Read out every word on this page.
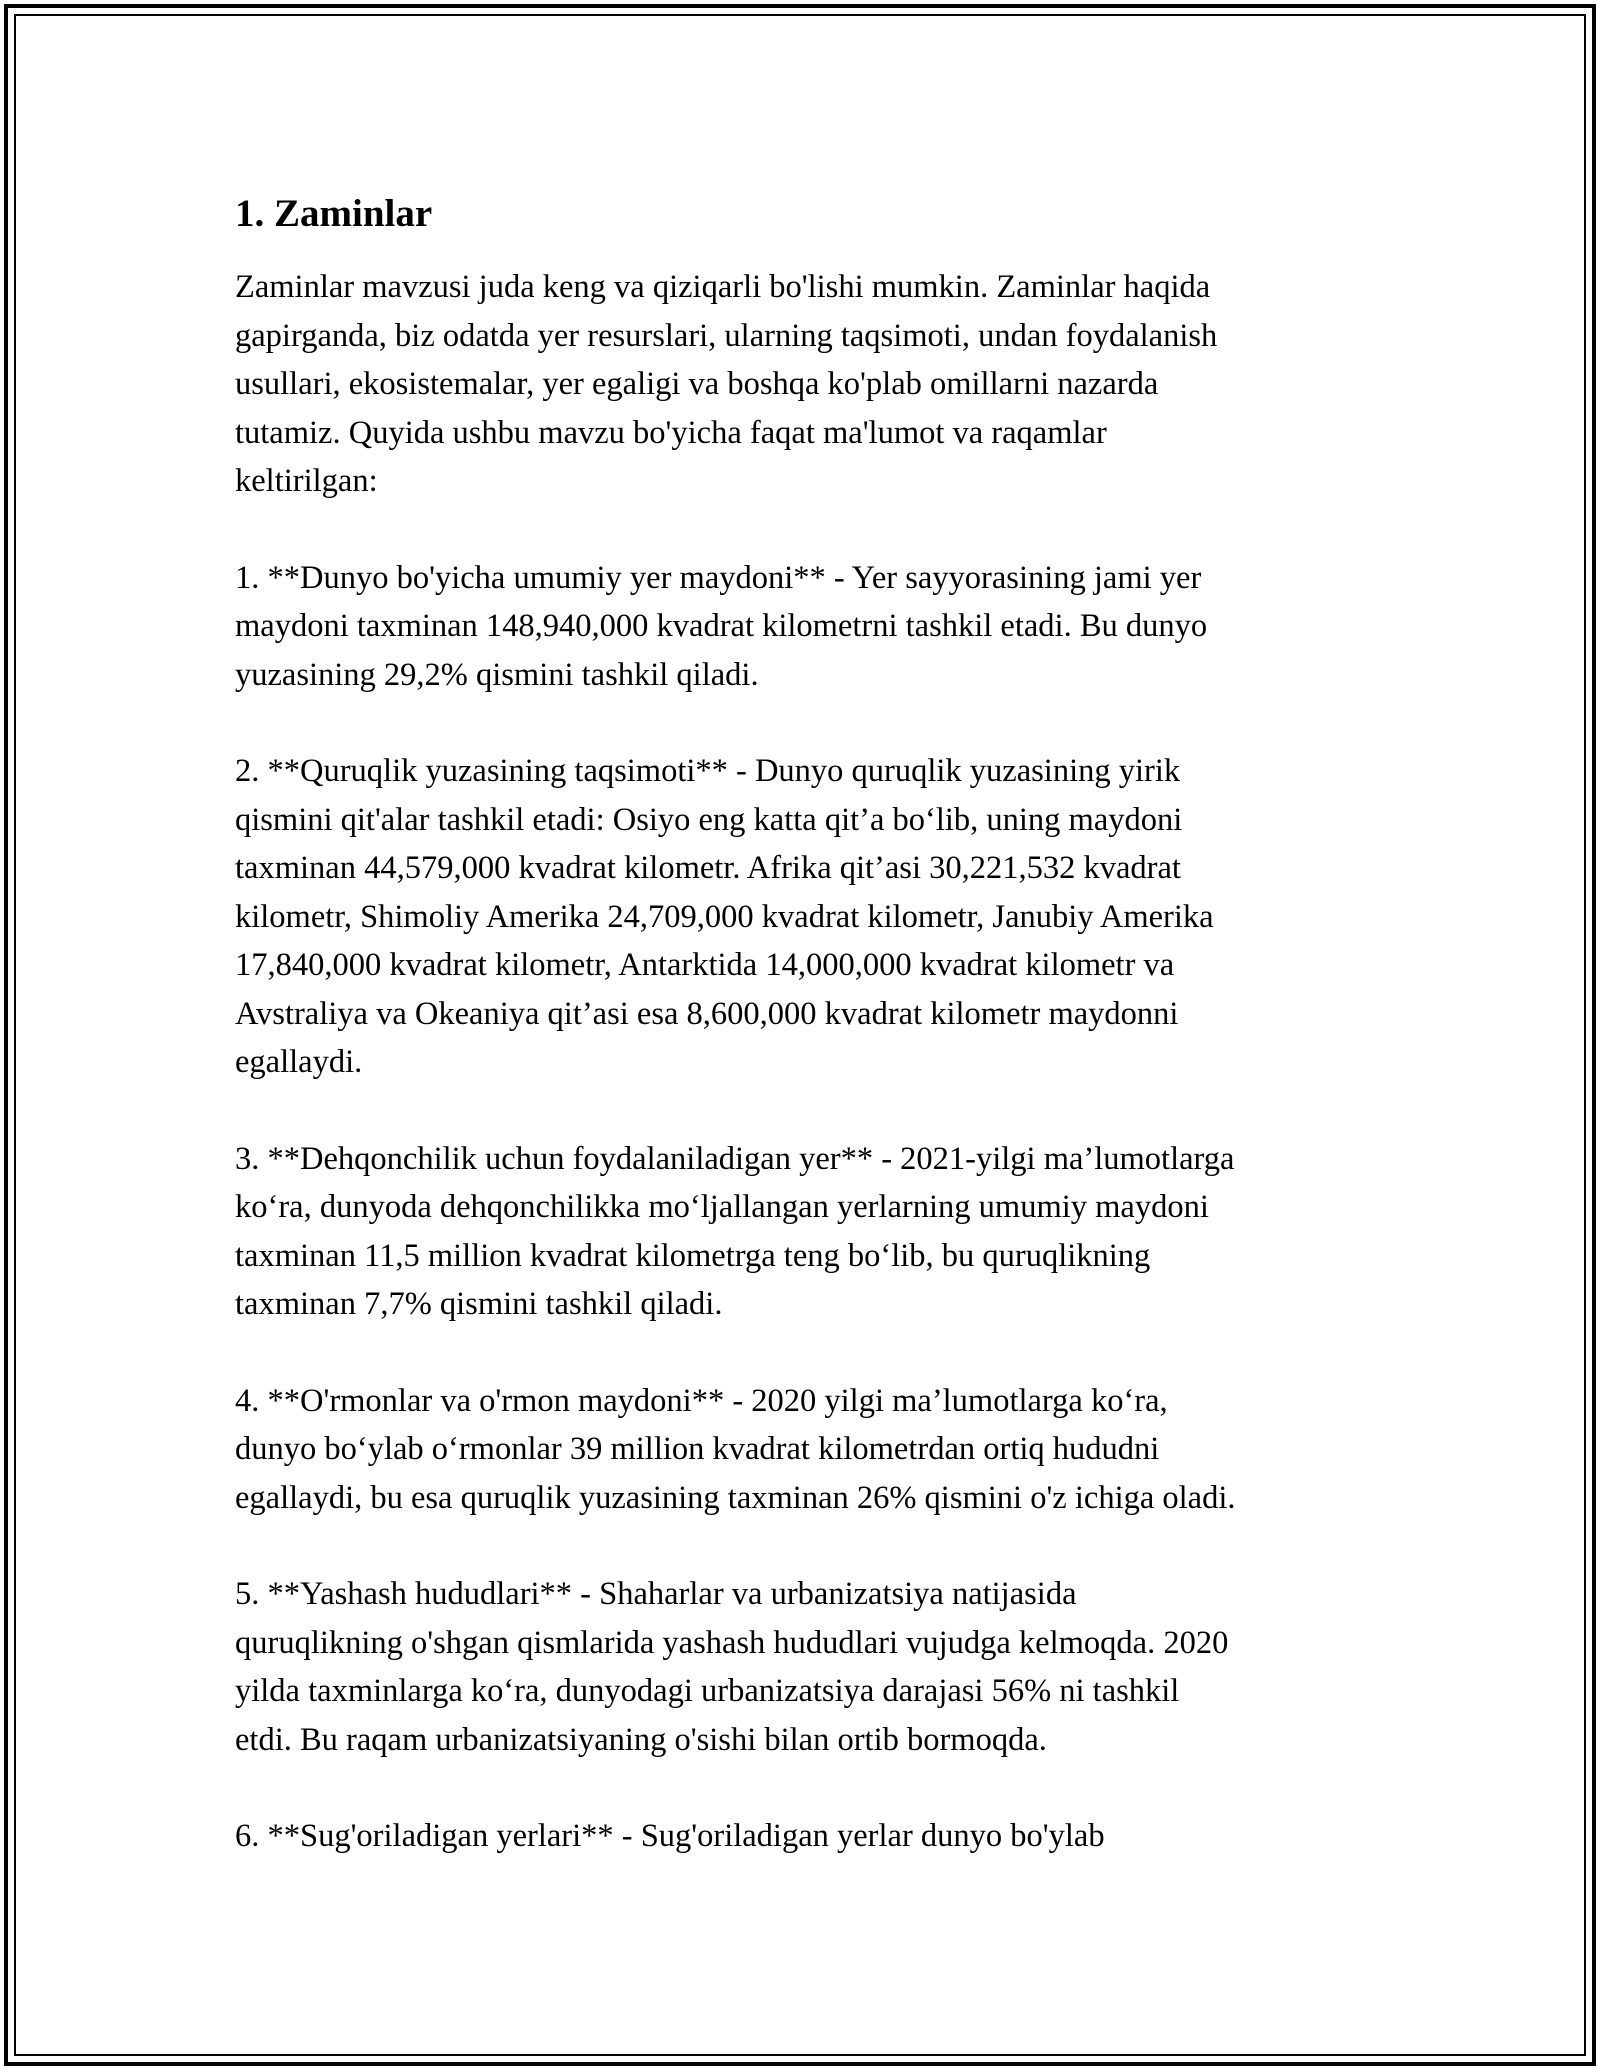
1. Zaminlar

Zaminlar mavzusi juda keng va qiziqarli bo'lishi mumkin. Zaminlar haqida
gapirganda, biz odatda yer resurslari, ularning taqsimoti, undan foydalanish
usullari, ekosistemalar, yer egaligi va boshqa ko'plab omillarni nazarda
tutamiz. Quyida ushbu mavzu bo'yicha faqat ma'lumot va raqamlar
keltirilgan:

1. **Dunyo bo'yicha umumiy yer maydoni** - Yer sayyorasining jami yer
maydoni taxminan 148,940,000 kvadrat kilometrni tashkil etadi. Bu dunyo
yuzasining 29,2% qismini tashkil qiladi.

2. **Quruqlik yuzasining taqsimoti** - Dunyo quruqlik yuzasining yirik
qismini qit'alar tashkil etadi: Osiyo eng katta qit’a bo‘lib, uning maydoni
taxminan 44,579,000 kvadrat kilometr. Afrika qit’asi 30,221,532 kvadrat
kilometr, Shimoliy Amerika 24,709,000 kvadrat kilometr, Janubiy Amerika
17,840,000 kvadrat kilometr, Antarktida 14,000,000 kvadrat kilometr va
Avstraliya va Okeaniya qit’asi esa 8,600,000 kvadrat kilometr maydonni
egallaydi.

3. **Dehqonchilik uchun foydalaniladigan yer** - 2021-yilgi ma’lumotlarga
ko‘ra, dunyoda dehqonchilikka mo‘ljallangan yerlarning umumiy maydoni
taxminan 11,5 million kvadrat kilometrga teng bo‘lib, bu quruqlikning
taxminan 7,7% qismini tashkil qiladi.

4. **O'rmonlar va o'rmon maydoni** - 2020 yilgi ma’lumotlarga ko‘ra,
dunyo bo‘ylab o‘rmonlar 39 million kvadrat kilometrdan ortiq hududni
egallaydi, bu esa quruqlik yuzasining taxminan 26% qismini o'z ichiga oladi.

5. **Yashash hududlari** - Shaharlar va urbanizatsiya natijasida
quruqlikning o'shgan qismlarida yashash hududlari vujudga kelmoqda. 2020
yilda taxminlarga ko‘ra, dunyodagi urbanizatsiya darajasi 56% ni tashkil
etdi. Bu raqam urbanizatsiyaning o'sishi bilan ortib bormoqda.

6. **Sug'oriladigan yerlari** - Sug'oriladigan yerlar dunyo bo'ylab
